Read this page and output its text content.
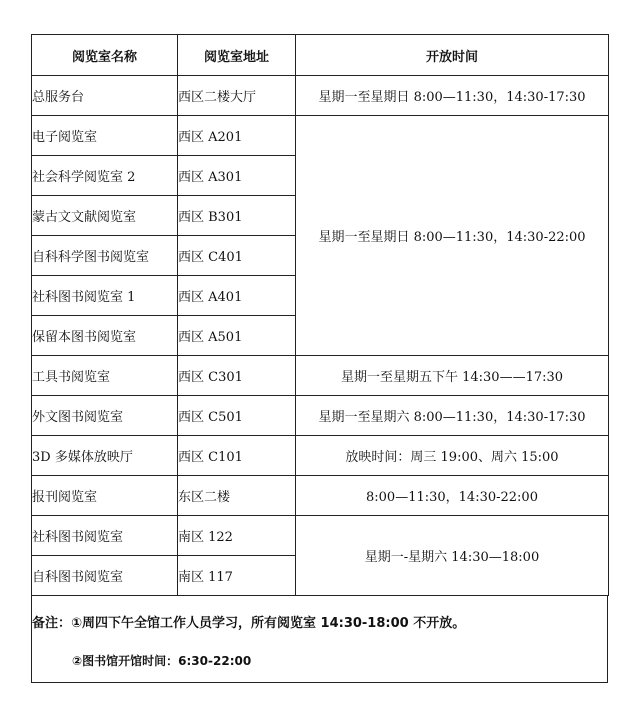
阅览室名称	阅览室地址	开放时间
总服务台	西区二楼大厅	星期一至星期日 8:00—11:30，14:30-17:30
电子阅览室	西区 A201	星期一至星期日 8:00—11:30，14:30-22:00
社会科学阅览室 2	西区 A301	
蒙古文文献阅览室	西区 B301	
自科科学图书阅览室	西区 C401	
社科图书阅览室 1	西区 A401	
保留本图书阅览室	西区 A501	
工具书阅览室	西区 C301	星期一至星期五下午 14:30——17:30
外文图书阅览室	西区 C501	星期一至星期六 8:00—11:30，14:30-17:30
3D 多媒体放映厅	西区 C101	放映时间：周三 19:00、周六 15:00
报刊阅览室	东区二楼	8:00—11:30，14:30-22:00
社科图书阅览室	南区 122	星期一-星期六 14:30—18:00
自科图书阅览室	南区 117	
备注：①周四下午全馆工作人员学习，所有阅览室 14:30-18:00 不开放。
②图书馆开馆时间：6:30-22:00
